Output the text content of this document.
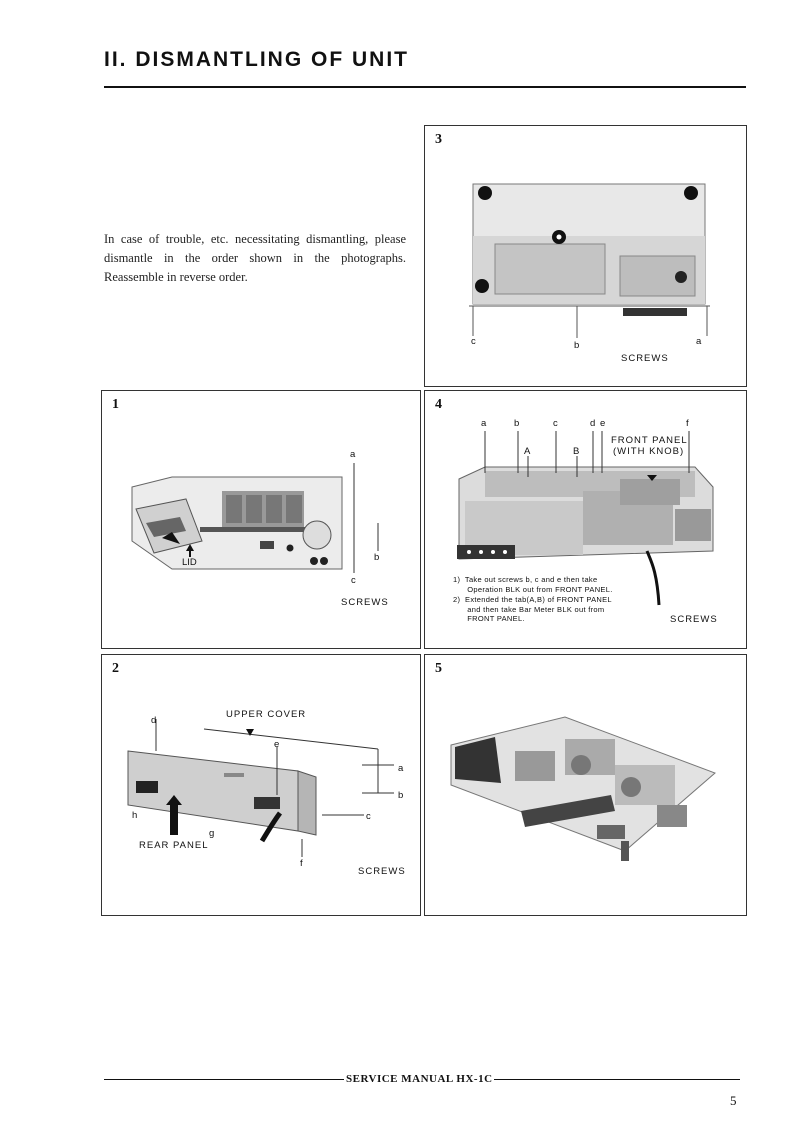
II. DISMANTLING OF UNIT
In case of trouble, etc. necessitating dismantling, please dismantle in the order shown in the photographs. Reassemble in reverse order.
3
c	b	a
SCREWS
1
a
b
c
LID
SCREWS
4
a	b	c	d e	f
A	B
FRONT PANEL
(WITH KNOB)
1)  Take out screws b, c and e then take
Operation BLK out from FRONT PANEL.
2)  Extended the tab(A,B) of FRONT PANEL
and then take Bar Meter BLK out from
FRONT PANEL.	SCREWS
2
UPPER COVER
d
e
a
b
c
h
g
REAR PANEL
f
SCREWS
5
SERVICE MANUAL HX-1C
5
